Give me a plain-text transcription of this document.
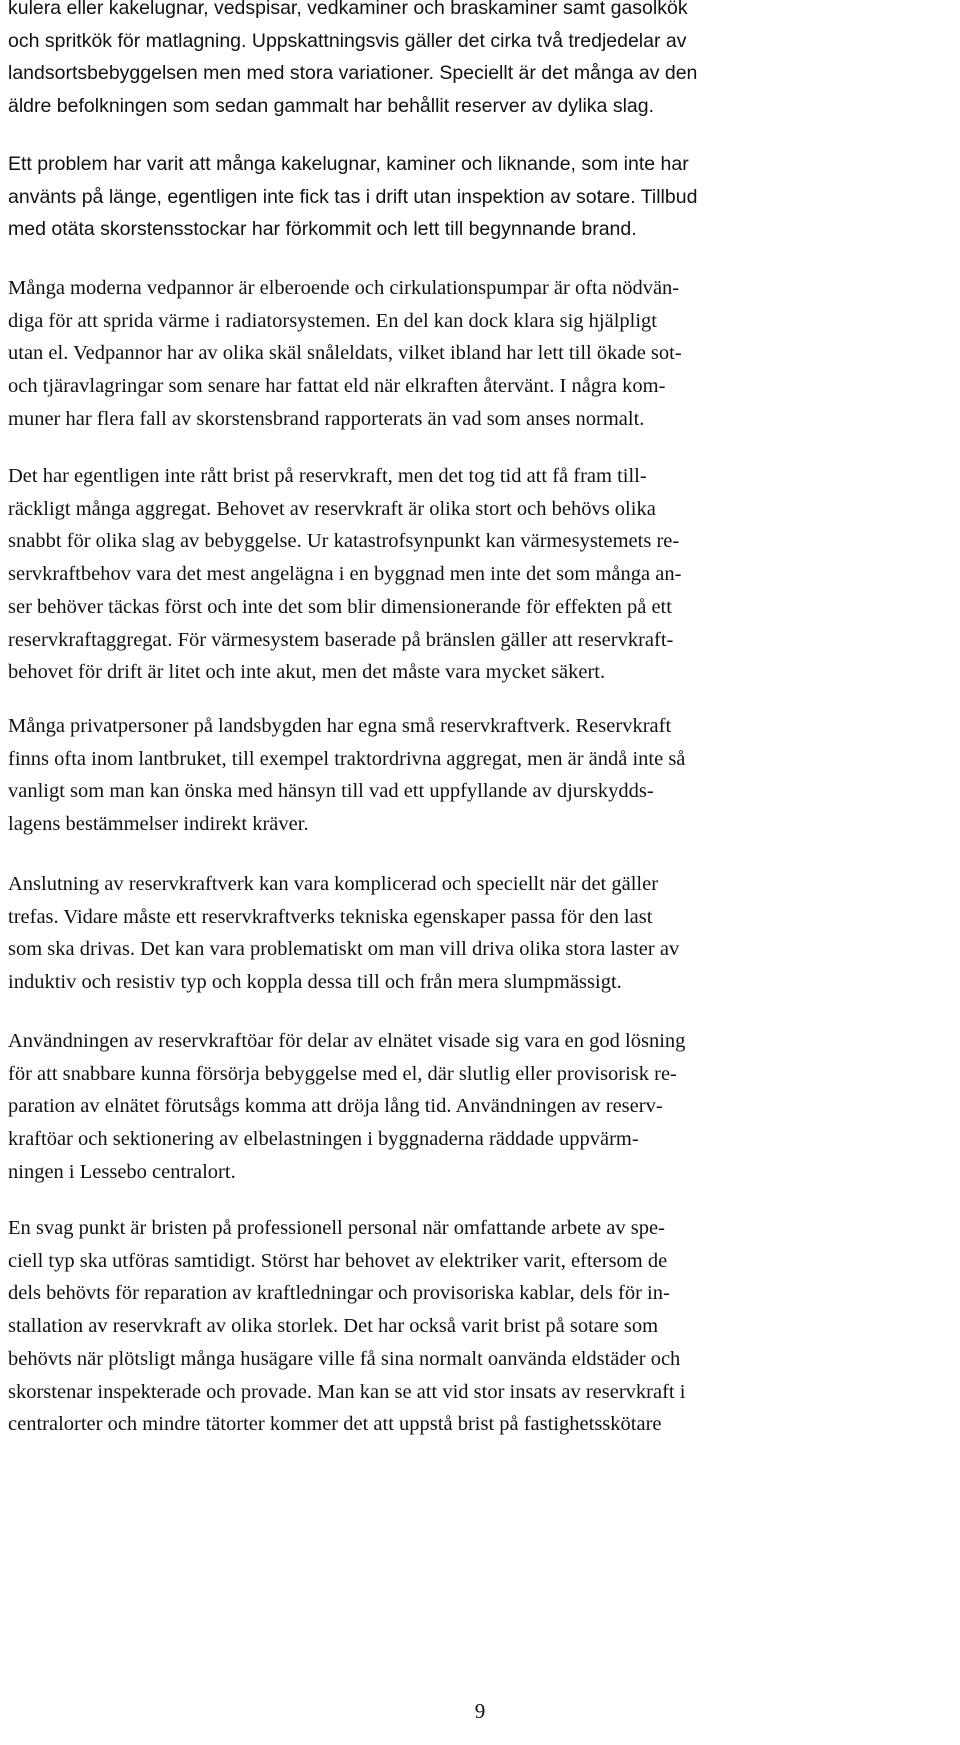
kulera eller kakelugnar, vedspisar, vedkaminer och braskaminer samt gasolkök
och spritkök för matlagning. Uppskattningsvis gäller det cirka två tredjedelar av
landsortsbebyggelsen men med stora variationer. Speciellt är det många av den
äldre befolkningen som sedan gammalt har behållit reserver av dylika slag.
Ett problem har varit att många kakelugnar, kaminer och liknande, som inte har
använts på länge, egentligen inte fick tas i drift utan inspektion av sotare. Tillbud
med otäta skorstensstockar har förkommit och lett till begynnande brand.
Många moderna vedpannor är elberoende och cirkulationspumpar är ofta nödvän-
diga för att sprida värme i radiatorsystemen. En del kan dock klara sig hjälpligt
utan el. Vedpannor har av olika skäl snåleldats, vilket ibland har lett till ökade sot-
och tjäravlagringar som senare har fattat eld när elkraften återvänt. I några kom-
muner har flera fall av skorstensbrand rapporterats än vad som anses normalt.
Det har egentligen inte rått brist på reservkraft, men det tog tid att få fram till-
räckligt många aggregat. Behovet av reservkraft är olika stort och behövs olika
snabbt för olika slag av bebyggelse. Ur katastrofsynpunkt kan värmesystemets re-
servkraftbehov vara det mest angelägna i en byggnad men inte det som många an-
ser behöver täckas först och inte det som blir dimensionerande för effekten på ett
reservkraftaggregat. För värmesystem baserade på bränslen gäller att reservkraft-
behovet för drift är litet och inte akut, men det måste vara mycket säkert.
Många privatpersoner på landsbygden har egna små reservkraftverk. Reservkraft
finns ofta inom lantbruket, till exempel traktordrivna aggregat, men är ändå inte så
vanligt som man kan önska med hänsyn till vad ett uppfyllande av djurskydds-
lagens bestämmelser indirekt kräver.
Anslutning av reservkraftverk kan vara komplicerad och speciellt när det gäller
trefas. Vidare måste ett reservkraftverks tekniska egenskaper passa för den last
som ska drivas. Det kan vara problematiskt om man vill driva olika stora laster av
induktiv och resistiv typ och koppla dessa till och från mera slumpmässigt.
Användningen av reservkraftöar för delar av elnätet visade sig vara en god lösning
för att snabbare kunna försörja bebyggelse med el, där slutlig eller provisorisk re-
paration av elnätet förutsågs komma att dröja lång tid. Användningen av reserv-
kraftöar och sektionering av elbelastningen i byggnaderna räddade uppvärm-
ningen i Lessebo centralort.
En svag punkt är bristen på professionell personal när omfattande arbete av spe-
ciell typ ska utföras samtidigt. Störst har behovet av elektriker varit, eftersom de
dels behövts för reparation av kraftledningar och provisoriska kablar, dels för in-
stallation av reservkraft av olika storlek. Det har också varit brist på sotare som
behövts när plötsligt många husägare ville få sina normalt oanvända eldstäder och
skorstenar inspekterade och provade. Man kan se att vid stor insats av reservkraft i
centralorter och mindre tätorter kommer det att uppstå brist på fastighetsskötare
9
